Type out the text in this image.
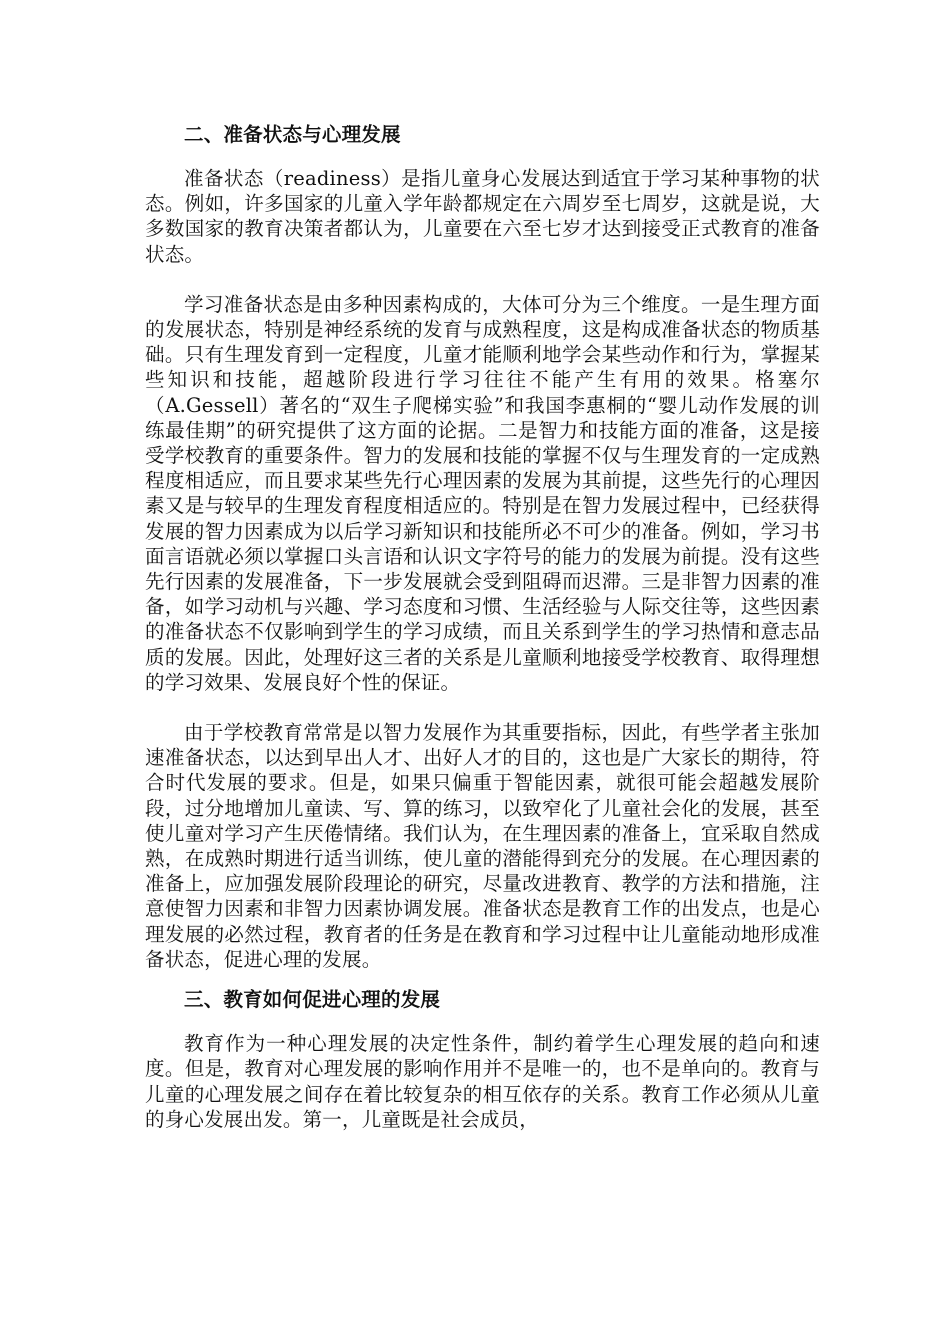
二、准备状态与心理发展

准备状态（readiness）是指儿童身心发展达到适宜于学习某种事物的状态。例如，许多国家的儿童入学年龄都规定在六周岁至七周岁，这就是说，大多数国家的教育决策者都认为，儿童要在六至七岁才达到接受正式教育的准备状态。

学习准备状态是由多种因素构成的，大体可分为三个维度。一是生理方面的发展状态，特别是神经系统的发育与成熟程度，这是构成准备状态的物质基础。只有生理发育到一定程度，儿童才能顺利地学会某些动作和行为，掌握某些知识和技能，超越阶段进行学习往往不能产生有用的效果。格塞尔（A.Gessell）著名的“双生子爬梯实验”和我国李惠桐的“婴儿动作发展的训练最佳期”的研究提供了这方面的论据。二是智力和技能方面的准备，这是接受学校教育的重要条件。智力的发展和技能的掌握不仅与生理发育的一定成熟程度相适应，而且要求某些先行心理因素的发展为其前提，这些先行的心理因素又是与较早的生理发育程度相适应的。特别是在智力发展过程中，已经获得发展的智力因素成为以后学习新知识和技能所必不可少的准备。例如，学习书面言语就必须以掌握口头言语和认识文字符号的能力的发展为前提。没有这些先行因素的发展准备，下一步发展就会受到阻碍而迟滞。三是非智力因素的准备，如学习动机与兴趣、学习态度和习惯、生活经验与人际交往等，这些因素的准备状态不仅影响到学生的学习成绩，而且关系到学生的学习热情和意志品质的发展。因此，处理好这三者的关系是儿童顺利地接受学校教育、取得理想的学习效果、发展良好个性的保证。

由于学校教育常常是以智力发展作为其重要指标，因此，有些学者主张加速准备状态，以达到早出人才、出好人才的目的，这也是广大家长的期待，符合时代发展的要求。但是，如果只偏重于智能因素，就很可能会超越发展阶段，过分地增加儿童读、写、算的练习，以致窄化了儿童社会化的发展，甚至使儿童对学习产生厌倦情绪。我们认为，在生理因素的准备上，宜采取自然成熟，在成熟时期进行适当训练，使儿童的潜能得到充分的发展。在心理因素的准备上，应加强发展阶段理论的研究，尽量改进教育、教学的方法和措施，注意使智力因素和非智力因素协调发展。准备状态是教育工作的出发点，也是心理发展的必然过程，教育者的任务是在教育和学习过程中让儿童能动地形成准备状态，促进心理的发展。

三、教育如何促进心理的发展

教育作为一种心理发展的决定性条件，制约着学生心理发展的趋向和速度。但是，教育对心理发展的影响作用并不是唯一的，也不是单向的。教育与儿童的心理发展之间存在着比较复杂的相互依存的关系。教育工作必须从儿童的身心发展出发。第一，儿童既是社会成员，
